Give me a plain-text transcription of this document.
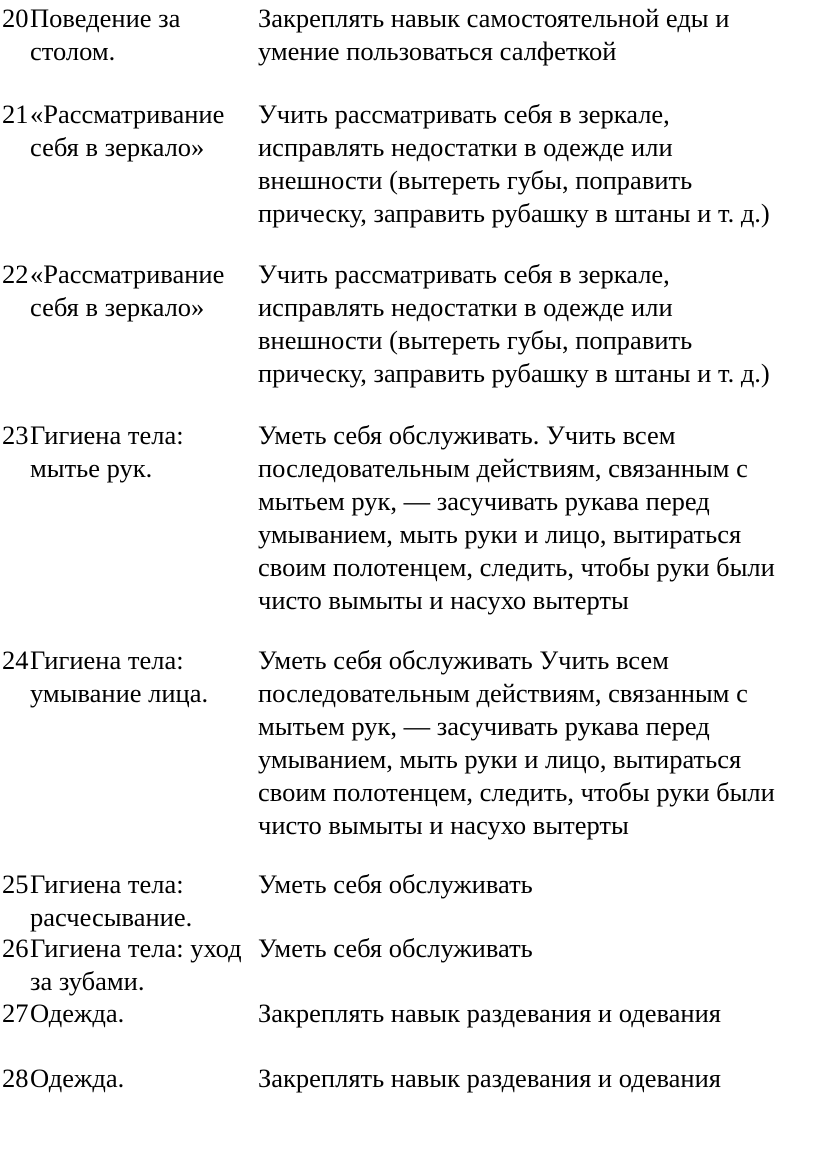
20 Поведение за
столом.
Закреплять навык самостоятельной еды и
умение пользоваться салфеткой
21 «Рассматривание
себя в зеркало»
Учить рассматривать себя в зеркале,
исправлять недостатки в одежде или
внешности (вытереть губы, поправить
прическу, заправить рубашку в штаны и т. д.)
22 «Рассматривание
себя в зеркало»
Учить рассматривать себя в зеркале,
исправлять недостатки в одежде или
внешности (вытереть губы, поправить
прическу, заправить рубашку в штаны и т. д.)
23 Гигиена тела:
мытье рук.
Уметь себя обслуживать. Учить всем
последовательным действиям, связанным с
мытьем рук, — засучивать рукава перед
умыванием, мыть руки и лицо, вытираться
своим полотенцем, следить, чтобы руки были
чисто вымыты и насухо вытерты
24 Гигиена тела:
умывание лица.
Уметь себя обслуживать Учить всем
последовательным действиям, связанным с
мытьем рук, — засучивать рукава перед
умыванием, мыть руки и лицо, вытираться
своим полотенцем, следить, чтобы руки были
чисто вымыты и насухо вытерты
25 Гигиена тела:
расчесывание.
Уметь себя обслуживать
26 Гигиена тела: уход
за зубами.
Уметь себя обслуживать
27 Одежда.	Закреплять навык раздевания и одевания
28 Одежда.	Закреплять навык раздевания и одевания
